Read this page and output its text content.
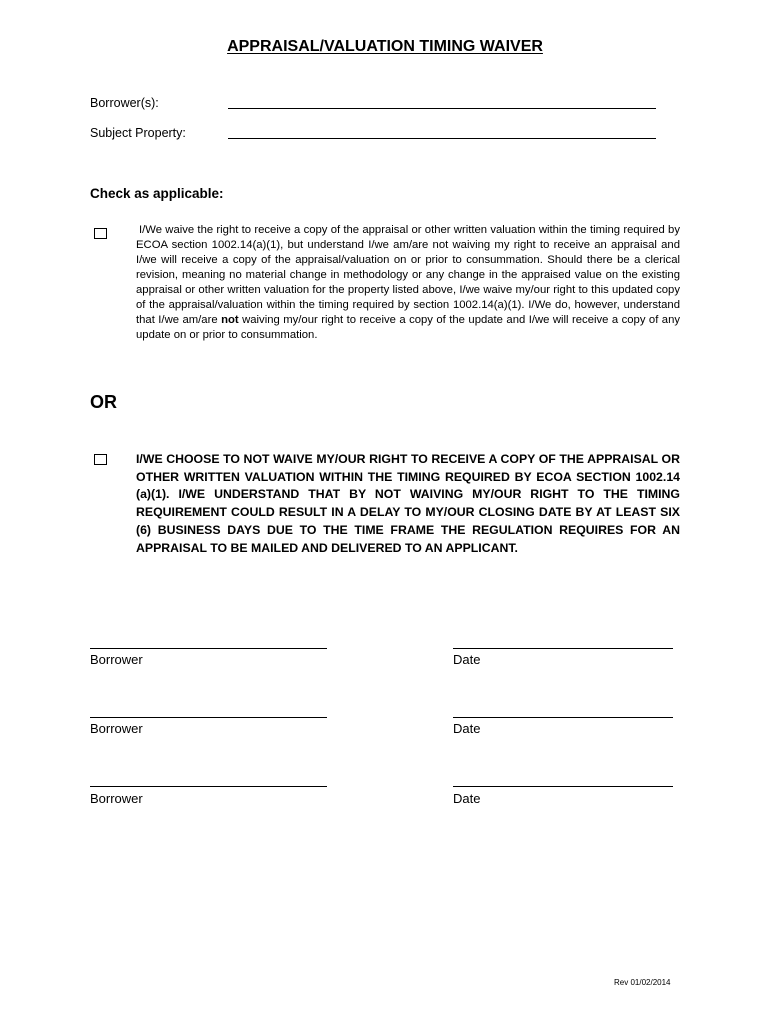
APPRAISAL/VALUATION TIMING WAIVER
Borrower(s):
Subject Property:
Check as applicable:

I/We waive the right to receive a copy of the appraisal or other written valuation within the timing required by ECOA section 1002.14(a)(1), but understand I/we am/are not waiving my right to receive an appraisal and I/we will receive a copy of the appraisal/valuation on or prior to consummation. Should there be a clerical revision, meaning no material change in methodology or any change in the appraised value on the existing appraisal or other written valuation for the property listed above, I/we waive my/our right to this updated copy of the appraisal/valuation within the timing required by section 1002.14(a)(1). I/We do, however, understand that I/we am/are not waiving my/our right to receive a copy of the update and I/we will receive a copy of any update on or prior to consummation.

OR

I/WE CHOOSE TO NOT WAIVE MY/OUR RIGHT TO RECEIVE A COPY OF THE APPRAISAL OR OTHER WRITTEN VALUATION WITHIN THE TIMING REQUIRED BY ECOA SECTION 1002.14 (a)(1). I/WE UNDERSTAND THAT BY NOT WAIVING MY/OUR RIGHT TO THE TIMING REQUIREMENT COULD RESULT IN A DELAY TO MY/OUR CLOSING DATE BY AT LEAST SIX (6) BUSINESS DAYS DUE TO THE TIME FRAME THE REGULATION REQUIRES FOR AN APPRAISAL TO BE MAILED AND DELIVERED TO AN APPLICANT.

Borrower	Date
Borrower	Date
Borrower	Date
Rev 01/02/2014
